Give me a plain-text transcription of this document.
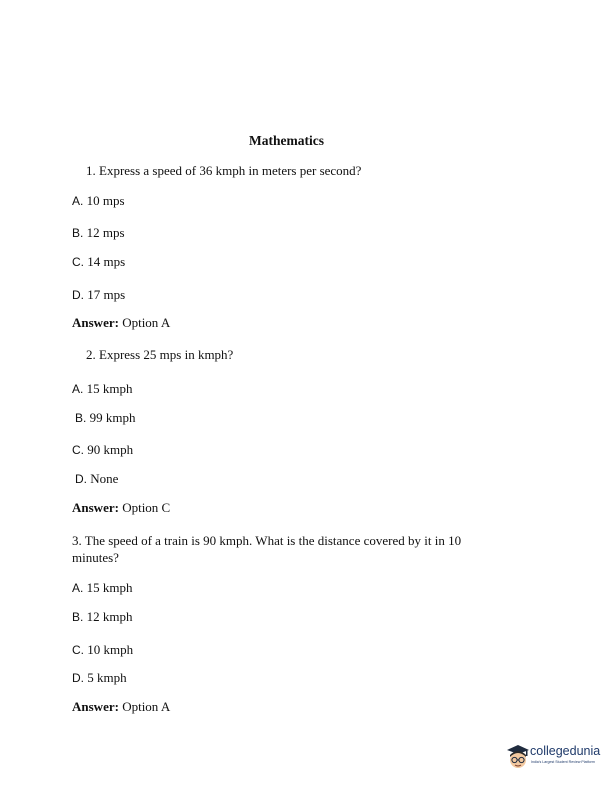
Mathematics
1. Express a speed of 36 kmph in meters per second?
A. 10 mps
B. 12 mps
C. 14 mps
D. 17 mps
Answer: Option A
2. Express 25 mps in kmph?
A. 15 kmph
B. 99 kmph
C. 90 kmph
D. None
Answer: Option C
3. The speed of a train is 90 kmph. What is the distance covered by it in 10
minutes?
A. 15 kmph
B. 12 kmph
C. 10 kmph
D. 5 kmph
Answer: Option A
collegedunia
India's Largest Student Review Platform
